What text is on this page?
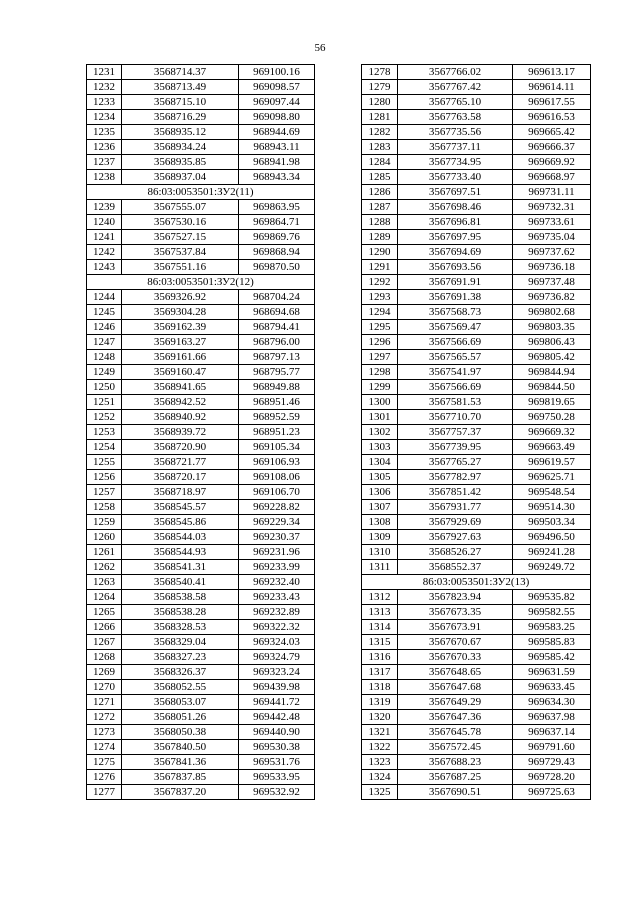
56
1231	3568714.37	969100.16
1232	3568713.49	969098.57
1233	3568715.10	969097.44
1234	3568716.29	969098.80
1235	3568935.12	968944.69
1236	3568934.24	968943.11
1237	3568935.85	968941.98
1238	3568937.04	968943.34
86:03:0053501:ЗУ2(11)		
1239	3567555.07	969863.95
1240	3567530.16	969864.71
1241	3567527.15	969869.76
1242	3567537.84	969868.94
1243	3567551.16	969870.50
86:03:0053501:ЗУ2(12)		
1244	3569326.92	968704.24
1245	3569304.28	968694.68
1246	3569162.39	968794.41
1247	3569163.27	968796.00
1248	3569161.66	968797.13
1249	3569160.47	968795.77
1250	3568941.65	968949.88
1251	3568942.52	968951.46
1252	3568940.92	968952.59
1253	3568939.72	968951.23
1254	3568720.90	969105.34
1255	3568721.77	969106.93
1256	3568720.17	969108.06
1257	3568718.97	969106.70
1258	3568545.57	969228.82
1259	3568545.86	969229.34
1260	3568544.03	969230.37
1261	3568544.93	969231.96
1262	3568541.31	969233.99
1263	3568540.41	969232.40
1264	3568538.58	969233.43
1265	3568538.28	969232.89
1266	3568328.53	969322.32
1267	3568329.04	969324.03
1268	3568327.23	969324.79
1269	3568326.37	969323.24
1270	3568052.55	969439.98
1271	3568053.07	969441.72
1272	3568051.26	969442.48
1273	3568050.38	969440.90
1274	3567840.50	969530.38
1275	3567841.36	969531.76
1276	3567837.85	969533.95
1277	3567837.20	969532.92
1278	3567766.02	969613.17
1279	3567767.42	969614.11
1280	3567765.10	969617.55
1281	3567763.58	969616.53
1282	3567735.56	969665.42
1283	3567737.11	969666.37
1284	3567734.95	969669.92
1285	3567733.40	969668.97
1286	3567697.51	969731.11
1287	3567698.46	969732.31
1288	3567696.81	969733.61
1289	3567697.95	969735.04
1290	3567694.69	969737.62
1291	3567693.56	969736.18
1292	3567691.91	969737.48
1293	3567691.38	969736.82
1294	3567568.73	969802.68
1295	3567569.47	969803.35
1296	3567566.69	969806.43
1297	3567565.57	969805.42
1298	3567541.97	969844.94
1299	3567566.69	969844.50
1300	3567581.53	969819.65
1301	3567710.70	969750.28
1302	3567757.37	969669.32
1303	3567739.95	969663.49
1304	3567765.27	969619.57
1305	3567782.97	969625.71
1306	3567851.42	969548.54
1307	3567931.77	969514.30
1308	3567929.69	969503.34
1309	3567927.63	969496.50
1310	3568526.27	969241.28
1311	3568552.37	969249.72
86:03:0053501:ЗУ2(13)		
1312	3567823.94	969535.82
1313	3567673.35	969582.55
1314	3567673.91	969583.25
1315	3567670.67	969585.83
1316	3567670.33	969585.42
1317	3567648.65	969631.59
1318	3567647.68	969633.45
1319	3567649.29	969634.30
1320	3567647.36	969637.98
1321	3567645.78	969637.14
1322	3567572.45	969791.60
1323	3567688.23	969729.43
1324	3567687.25	969728.20
1325	3567690.51	969725.63
